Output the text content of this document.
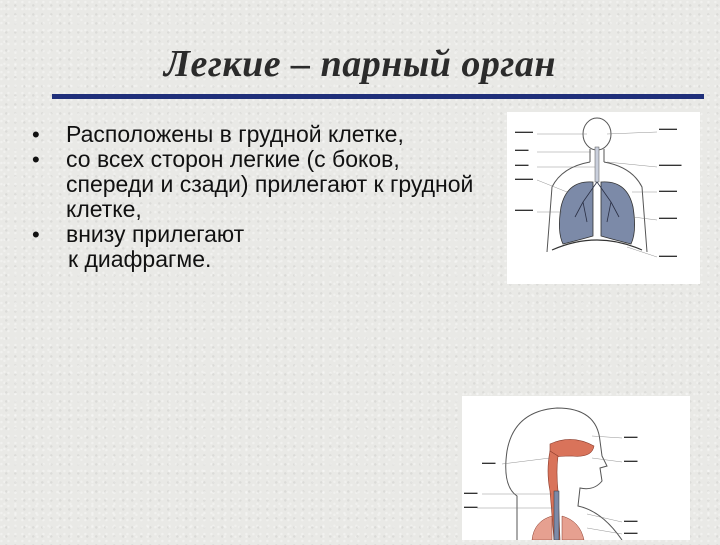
Легкие – парный орган
• Расположены в грудной клетке,
• со всех сторон легкие (с боков, спереди и сзади) прилегают к грудной клетке,
• внизу прилегают
к диафрагме.
▬▬▬▬
▬▬▬
▬▬▬
▬▬▬▬
▬▬▬▬
▬▬▬▬
▬▬▬▬▬
▬▬▬▬
▬▬▬▬
▬▬▬▬
▬▬▬
▬▬▬
▬▬▬
▬▬▬
▬▬▬
▬▬▬
▬▬▬
